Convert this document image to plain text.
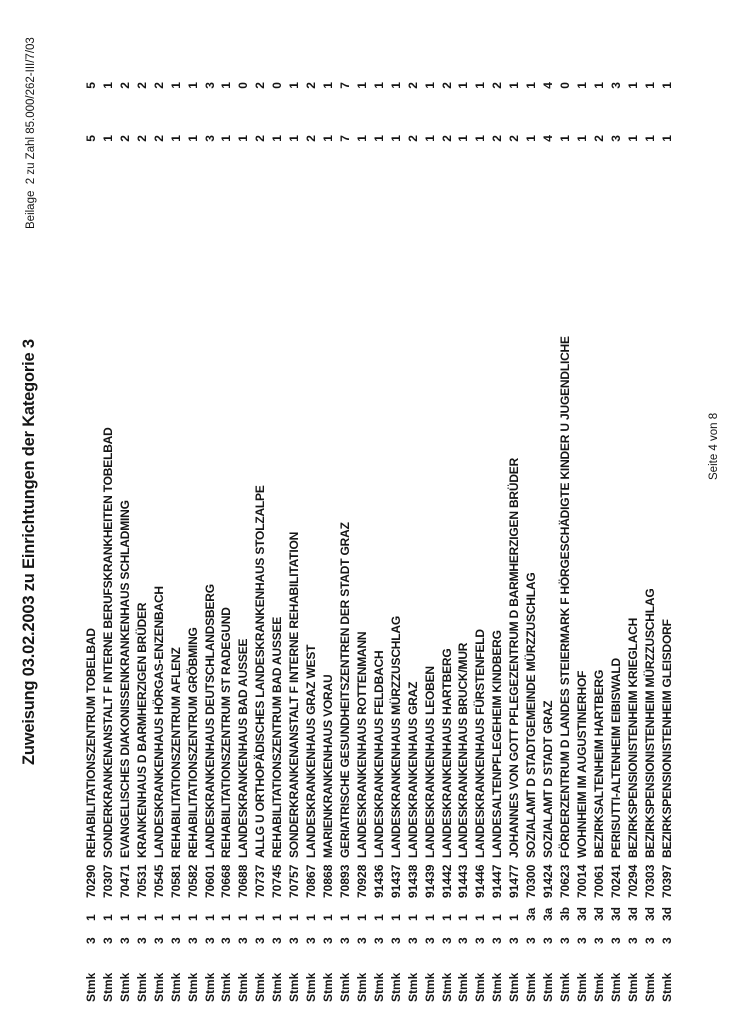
Zuweisung 03.02.2003 zu Einrichtungen der Kategorie 3
Beilage  2 zu Zahl 85.000/262-III/7/03

Stmk

3

1

70290

REHABILITATIONSZENTRUM TOBELBAD

5

5

Stmk

3

1

70307

SONDERKRANKENANSTALT F INTERNE BERUFSKRANKHEITEN TOBELBAD

1

1

Stmk

3

1

70471

EVANGELISCHES DIAKONISSENKRANKENHAUS SCHLADMING

2

2

Stmk

3

1

70531

KRANKENHAUS D BARMHERZIGEN BRÜDER

2

2

Stmk

3

1

70545

LANDESKRANKENHAUS HÖRGAS-ENZENBACH

2

2

Stmk

3

1

70581

REHABILITATIONSZENTRUM AFLENZ

1

1

Stmk

3

1

70582

REHABILITATIONSZENTRUM GRÖBMING

1

1

Stmk

3

1

70601

LANDESKRANKENHAUS DEUTSCHLANDSBERG

3

3

Stmk

3

1

70668

REHABILITATIONSZENTRUM ST RADEGUND

1

1

Stmk

3

1

70688

LANDESKRANKENHAUS BAD AUSSEE

1

0

Stmk

3

1

70737

ALLG U ORTHOPÄDISCHES LANDESKRANKENHAUS STOLZALPE

2

2

Stmk

3

1

70745

REHABILITATIONSZENTRUM BAD AUSSEE

1

0

Stmk

3

1

70757

SONDERKRANKENANSTALT F INTERNE REHABILITATION

1

1

Stmk

3

1

70867

LANDESKRANKENHAUS GRAZ WEST

2

2

Stmk

3

1

70868

MARIENKRANKENHAUS VORAU

1

1

Stmk

3

1

70893

GERIATRISCHE GESUNDHEITSZENTREN DER STADT GRAZ

7

7

Stmk

3

1

70928

LANDESKRANKENHAUS ROTTENMANN

1

1

Stmk

3

1

91436

LANDESKRANKENHAUS FELDBACH

1

1

Stmk

3

1

91437

LANDESKRANKENHAUS MÜRZZUSCHLAG

1

1

Stmk

3

1

91438

LANDESKRANKENHAUS GRAZ

2

2

Stmk

3

1

91439

LANDESKRANKENHAUS LEOBEN

1

1

Stmk

3

1

91442

LANDESKRANKENHAUS HARTBERG

2

2

Stmk

3

1

91443

LANDESKRANKENHAUS BRUCK/MUR

1

1

Stmk

3

1

91446

LANDESKRANKENHAUS FÜRSTENFELD

1

1

Stmk

3

1

91447

LANDESALTENPFLEGEHEIM KINDBERG

2

2

Stmk

3

1

91477

JOHANNES VON GOTT PFLEGEZENTRUM D BARMHERZIGEN BRÜDER

2

1

Stmk

3

3a

70300

SOZIALAMT D STADTGEMEINDE MÜRZZUSCHLAG

1

1

Stmk

3

3a

91424

SOZIALAMT D STADT GRAZ

4

4

Stmk

3

3b

70623

FÖRDERZENTRUM D LANDES STEIERMARK F HÖRGESCHÄDIGTE KINDER U JUGENDLICHE

1

0

Stmk

3

3d

70014

WOHNHEIM IM AUGUSTINERHOF

1

1

Stmk

3

3d

70061

BEZIRKSALTENHEIM HARTBERG

2

1

Stmk

3

3d

70241

PERISUTTI-ALTENHEIM EIBISWALD

3

3

Stmk

3

3d

70294

BEZIRKSPENSIONISTENHEIM KRIEGLACH

1

1

Stmk

3

3d

70303

BEZIRKSPENSIONISTENHEIM MÜRZZUSCHLAG

1

1

Stmk

3

3d

70397

BEZIRKSPENSIONISTENHEIM GLEISDORF

1

1

Seite 4 von 8
